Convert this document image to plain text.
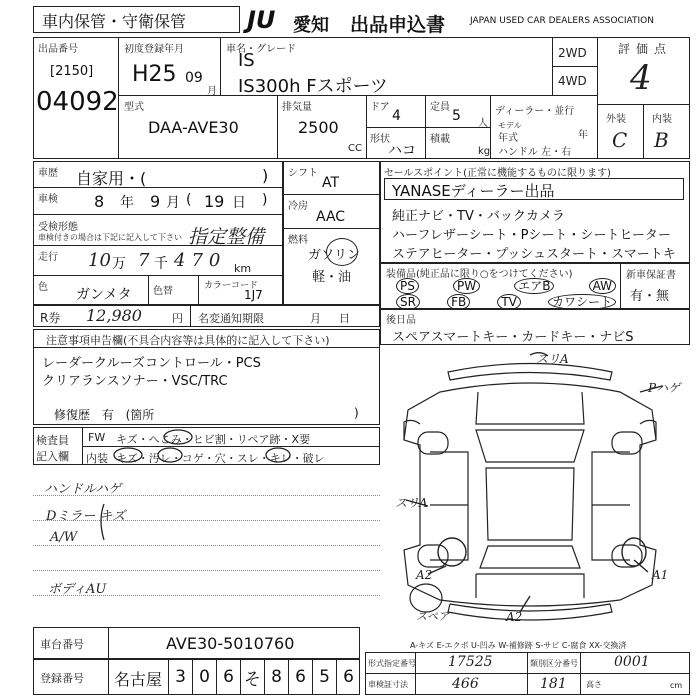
車内保管・守衛保管	JU 愛知 出品申込書	JAPAN USED CAR DEALERS ASSOCIATION
出品番号
[2150]
04092
初度登録年月
H25 09
月
車名・グレード
IS
IS300h Fスポーツ
2WD
4WD
評価点
4
型式
DAA-AVE30
排気量
2500
CC
ドア
4
定員
5 人
形状
ハコ
積載
kg
ディーラー・並行
モデル
年式	年
ハンドル 左・右
外装	内装
C B
車歴 自家用・(	)
車検 8 年 9 月 ( 19 日 )
受検形態
車検付きの場合は下記に記入して下さい 指定整備
走行 10 万 7 千 470 km
色 ガンメタ 色替	カラーコード
1J7
シフト
AT
冷房
AAC
燃料
ガソリン
軽・油
セールスポイント(正常に機能するものに限ります)
YANASEディーラー出品
純正ナビ・TV・バックカメラ
ハーフレザーシート・Pシート・シートヒーター
ステアヒーター・プッシュスタート・スマートキ
装備品(純正品に限り○をつけてください)
PS	PW	エアB	AW
SR	FB	TV	カワシート
新車保証書
有・無
R券 12,980	円 名変通知期限	月日 後日品
スペアスマートキー・カードキー・ナビS
注意事項申告欄(不具合内容等は具体的に記入して下さい)
レーダークルーズコントロール・PCS
クリアランスソナー・VSC/TRC
修復歴 有 (箇所	)
検査員
記入欄
FW キズ・へこみ・ヒビ割・リペア跡・X要
内装 キズ・汚レ・コゲ・穴・スレ・キレ・破レ
ハンドルハゲ
Dミラー キズ
A/W
ボディAU
スリA
Pハゲ
スリA
A2	A1
A2
スペア
A-キズ E-エクボ U-凹み W-補修跡 S-サビ C-腐食 XX-交換済
車台番号	AVE30-5010760
登録番号 名古屋 3 0 6 そ 8 6 5 6
形式指定番号 17525	類別区分番号	0001
車検証寸法	466	181 高さ	cm
